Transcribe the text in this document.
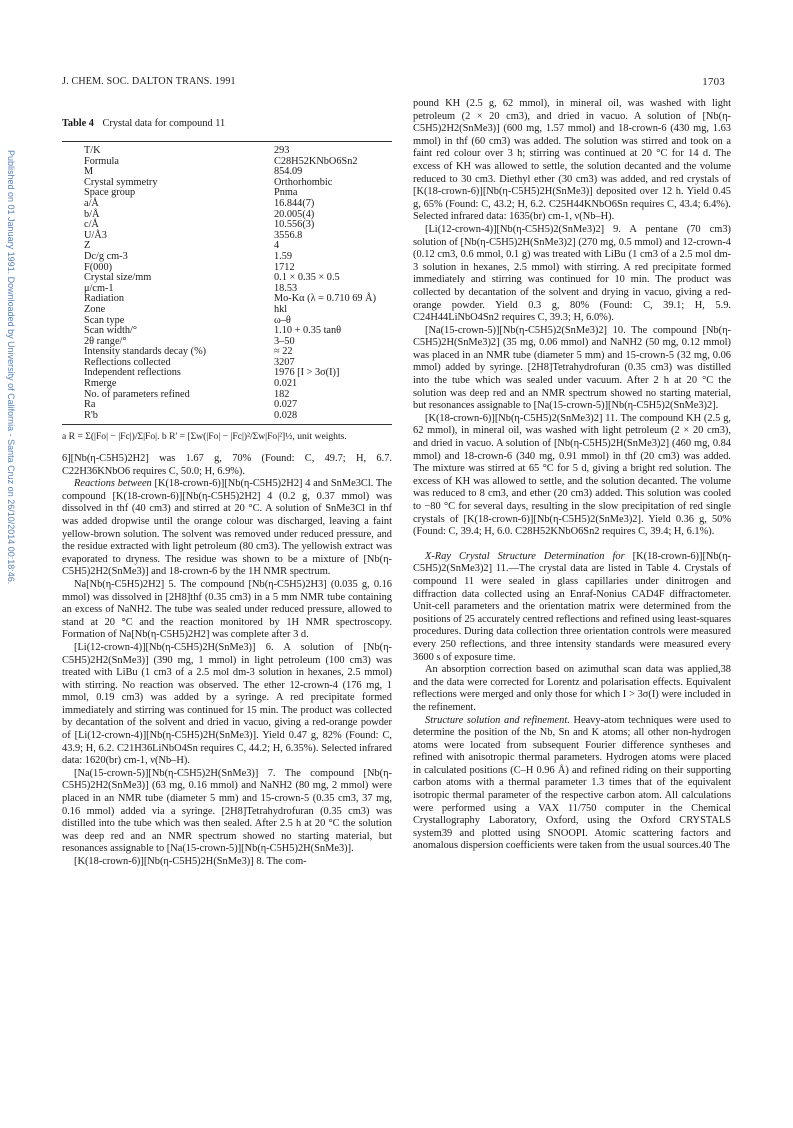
J. CHEM. SOC. DALTON TRANS. 1991	1703
Published on 01 January 1991. Downloaded by University of California - Santa Cruz on 26/10/2014 00:18:46.
Table 4 Crystal data for compound 11
T/K	293
Formula	C28H52KNbO6Sn2
M	854.09
Crystal symmetry	Orthorhombic
Space group	Pnma
a/Å	16.844(7)
b/Å	20.005(4)
c/Å	10.556(3)
U/Å3	3556.8
Z	4
Dc/g cm-3	1.59
F(000)	1712
Crystal size/mm	0.1 × 0.35 × 0.5
μ/cm-1	18.53
Radiation	Mo-Kα (λ = 0.710 69 Å)
Zone	hkl
Scan type	ω–θ
Scan width/°	1.10 + 0.35 tanθ
2θ range/°	3–50
Intensity standards decay (%)	≈ 22
Reflections collected	3207
Independent reflections	1976 [I > 3σ(I)]
Rmerge	0.021
No. of parameters refined	182
Ra	0.027
R'b	0.028
a R = Σ(|Fo| − |Fc|)/Σ|Fo|. b R' = [Σw(|Fo| − |Fc|)²/Σw|Fo|²]½, unit weights.

6][Nb(η-C5H5)2H2] was 1.67 g, 70% (Found: C, 49.7; H, 6.7. C22H36KNbO6 requires C, 50.0; H, 6.9%).

Reactions between [K(18-crown-6)][Nb(η-C5H5)2H2] 4 and SnMe3Cl. The compound [K(18-crown-6)][Nb(η-C5H5)2H2] 4 (0.2 g, 0.37 mmol) was dissolved in thf (40 cm3) and stirred at 20 °C. A solution of SnMe3Cl in thf was added dropwise until the orange colour was discharged, leaving a faint yellow-brown solution. The solvent was removed under reduced pressure, and the residue extracted with light petroleum (80 cm3). The yellowish extract was evaporated to dryness. The residue was shown to be a mixture of [Nb(η-C5H5)2H2(SnMe3)] and 18-crown-6 by the 1H NMR spectrum.

Na[Nb(η-C5H5)2H2] 5. The compound [Nb(η-C5H5)2H3] (0.035 g, 0.16 mmol) was dissolved in [2H8]thf (0.35 cm3) in a 5 mm NMR tube containing an excess of NaNH2. The tube was sealed under reduced pressure, allowed to stand at 20 °C and the reaction monitored by 1H NMR spectroscopy. Formation of Na[Nb(η-C5H5)2H2] was complete after 3 d.

[Li(12-crown-4)][Nb(η-C5H5)2H(SnMe3)] 6. A solution of [Nb(η-C5H5)2H2(SnMe3)] (390 mg, 1 mmol) in light petroleum (100 cm3) was treated with LiBu (1 cm3 of a 2.5 mol dm-3 solution in hexanes, 2.5 mmol) with stirring. No reaction was observed. The ether 12-crown-4 (176 mg, 1 mmol, 0.19 cm3) was added by a syringe. A red precipitate formed immediately and stirring was continued for 15 min. The product was collected by decantation of the solvent and dried in vacuo, giving a red-orange powder of [Li(12-crown-4)][Nb(η-C5H5)2H(SnMe3)]. Yield 0.47 g, 82% (Found: C, 43.9; H, 6.2. C21H36LiNbO4Sn requires C, 44.2; H, 6.35%). Selected infrared data: 1620(br) cm-1, ν(Nb–H).

[Na(15-crown-5)][Nb(η-C5H5)2H(SnMe3)] 7. The compound [Nb(η-C5H5)2H2(SnMe3)] (63 mg, 0.16 mmol) and NaNH2 (80 mg, 2 mmol) were placed in an NMR tube (diameter 5 mm) and 15-crown-5 (0.35 cm3, 37 mg, 0.16 mmol) added via a syringe. [2H8]Tetrahydrofuran (0.35 cm3) was distilled into the tube which was then sealed. After 2.5 h at 20 °C the solution was deep red and an NMR spectrum showed no starting material, but resonances assignable to [Na(15-crown-5)][Nb(η-C5H5)2H(SnMe3)].

[K(18-crown-6)][Nb(η-C5H5)2H(SnMe3)] 8. The com-

pound KH (2.5 g, 62 mmol), in mineral oil, was washed with light petroleum (2 × 20 cm3), and dried in vacuo. A solution of [Nb(η-C5H5)2H2(SnMe3)] (600 mg, 1.57 mmol) and 18-crown-6 (430 mg, 1.63 mmol) in thf (60 cm3) was added. The solution was stirred and took on a faint red colour over 3 h; stirring was continued at 20 °C for 14 d. The excess of KH was allowed to settle, the solution decanted and the volume reduced to 30 cm3. Diethyl ether (30 cm3) was added, and red crystals of [K(18-crown-6)][Nb(η-C5H5)2H(SnMe3)] deposited over 12 h. Yield 0.45 g, 65% (Found: C, 43.2; H, 6.2. C25H44KNbO6Sn requires C, 43.4; 6.4%). Selected infrared data: 1635(br) cm-1, ν(Nb–H).

[Li(12-crown-4)][Nb(η-C5H5)2(SnMe3)2] 9. A pentane (70 cm3) solution of [Nb(η-C5H5)2H(SnMe3)2] (270 mg, 0.5 mmol) and 12-crown-4 (0.12 cm3, 0.6 mmol, 0.1 g) was treated with LiBu (1 cm3 of a 2.5 mol dm-3 solution in hexanes, 2.5 mmol) with stirring. A red precipitate formed immediately and stirring was continued for 10 min. The product was collected by decantation of the solvent and drying in vacuo, giving a red-orange powder. Yield 0.3 g, 80% (Found: C, 39.1; H, 5.9. C24H44LiNbO4Sn2 requires C, 39.3; H, 6.0%).

[Na(15-crown-5)][Nb(η-C5H5)2(SnMe3)2] 10. The compound [Nb(η-C5H5)2H(SnMe3)2] (35 mg, 0.06 mmol) and NaNH2 (50 mg, 0.12 mmol) was placed in an NMR tube (diameter 5 mm) and 15-crown-5 (32 mg, 0.06 mmol) added by syringe. [2H8]Tetrahydrofuran (0.35 cm3) was distilled into the tube which was sealed under vacuum. After 2 h at 20 °C the solution was deep red and an NMR spectrum showed no starting material, but resonances assignable to [Na(15-crown-5)][Nb(η-C5H5)2(SnMe3)2].

[K(18-crown-6)][Nb(η-C5H5)2(SnMe3)2] 11. The compound KH (2.5 g, 62 mmol), in mineral oil, was washed with light petroleum (2 × 20 cm3), and dried in vacuo. A solution of [Nb(η-C5H5)2H(SnMe3)2] (460 mg, 0.84 mmol) and 18-crown-6 (340 mg, 0.91 mmol) in thf (20 cm3) was added. The mixture was stirred at 65 °C for 5 d, giving a bright red solution. The excess of KH was allowed to settle, and the solution decanted. The volume was reduced to 8 cm3, and ether (20 cm3) added. This solution was cooled to −80 °C for several days, resulting in the slow precipitation of red single crystals of [K(18-crown-6)][Nb(η-C5H5)2(SnMe3)2]. Yield 0.36 g, 50% (Found: C, 39.4; H, 6.0. C28H52KNbO6Sn2 requires C, 39.4; H, 6.1%).

X-Ray Crystal Structure Determination for [K(18-crown-6)][Nb(η-C5H5)2(SnMe3)2] 11.—The crystal data are listed in Table 4. Crystals of compound 11 were sealed in glass capillaries under dinitrogen and diffraction data collected using an Enraf-Nonius CAD4F diffractometer. Unit-cell parameters and the orientation matrix were determined from the positions of 25 accurately centred reflections and refined using least-squares procedures. During data collection three orientation controls were measured every 250 reflections, and three intensity standards were measured every 3600 s of exposure time.

An absorption correction based on azimuthal scan data was applied,38 and the data were corrected for Lorentz and polarisation effects. Equivalent reflections were merged and only those for which I > 3σ(I) were included in the refinement.

Structure solution and refinement. Heavy-atom techniques were used to determine the position of the Nb, Sn and K atoms; all other non-hydrogen atoms were located from subsequent Fourier difference syntheses and refined with anisotropic thermal parameters. Hydrogen atoms were placed in calculated positions (C–H 0.96 Å) and refined riding on their supporting carbon atoms with a thermal parameter 1.3 times that of the equivalent isotropic thermal parameter of the respective carbon atom. All calculations were performed using a VAX 11/750 computer in the Chemical Crystallography Laboratory, Oxford, using the Oxford CRYSTALS system39 and plotted using SNOOPI. Atomic scattering factors and anomalous dispersion coefficients were taken from the usual sources.40 The
